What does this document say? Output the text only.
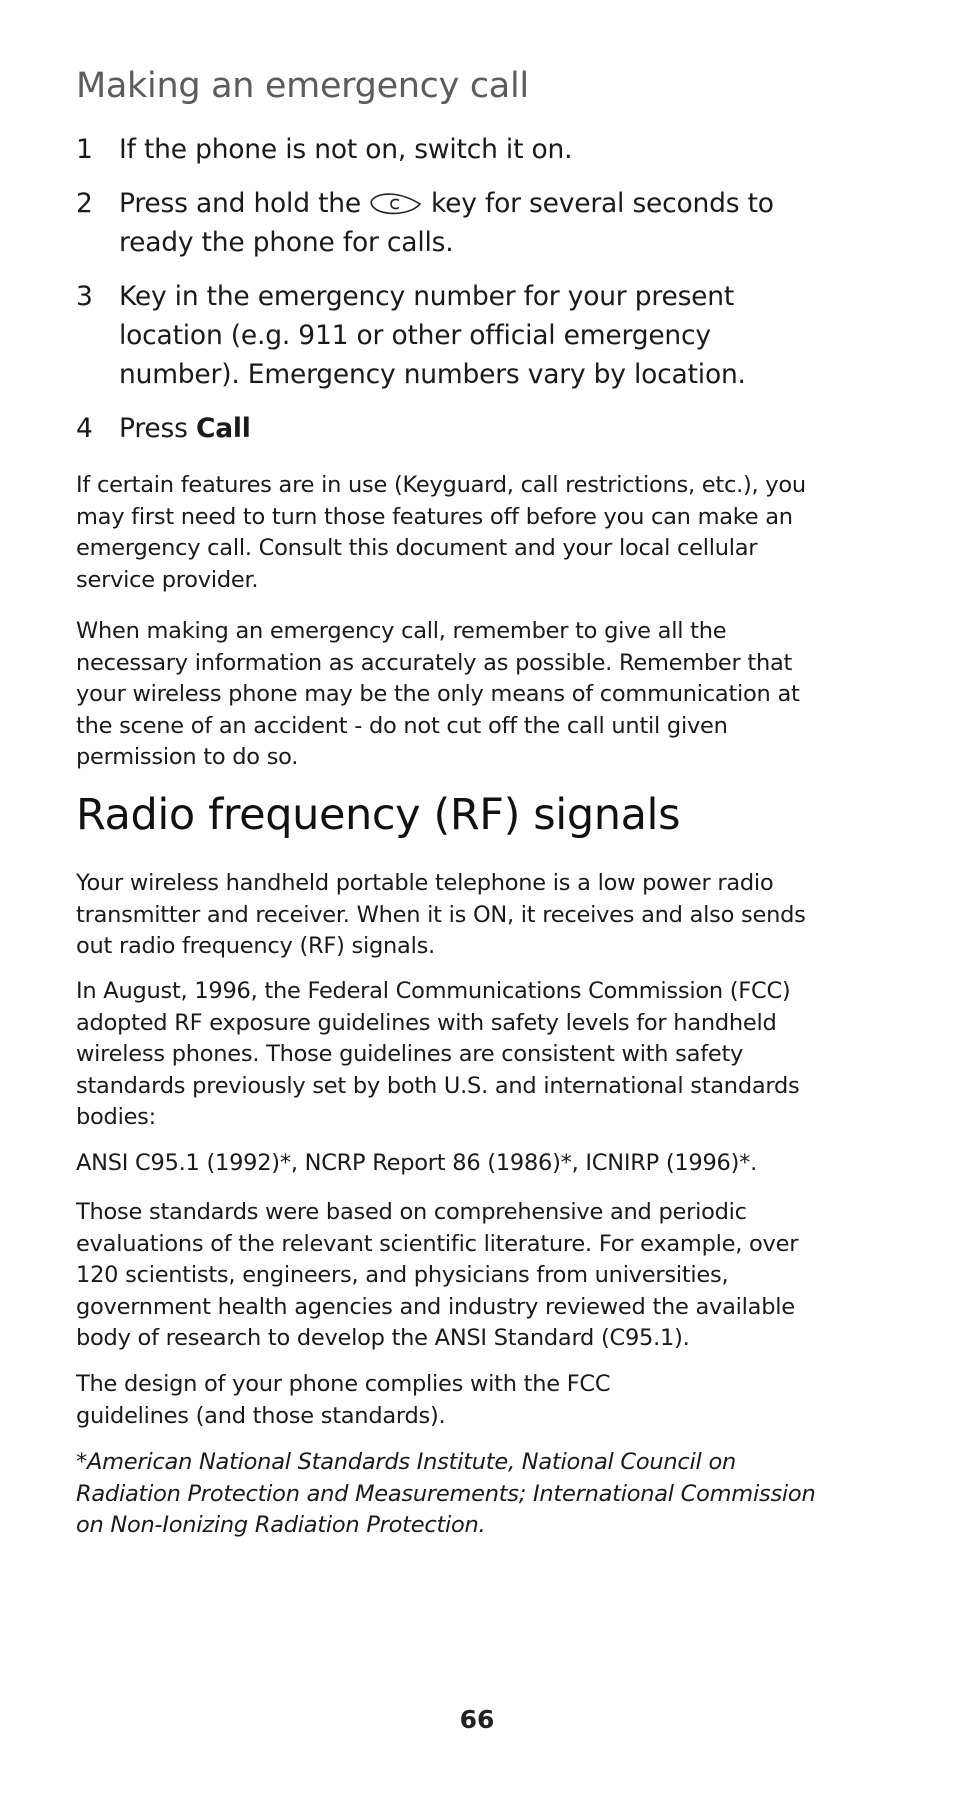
Making an emergency call
1 If the phone is not on, switch it on.
2 Press and hold the	key for several seconds to ready the phone for calls.
3 Key in the emergency number for your present location (e.g. 911 or other official emergency number). Emergency numbers vary by location.
4 Press Call

If certain features are in use (Keyguard, call restrictions, etc.), you may first need to turn those features off before you can make an emergency call. Consult this document and your local cellular service provider.

When making an emergency call, remember to give all the necessary information as accurately as possible. Remember that your wireless phone may be the only means of communication at the scene of an accident - do not cut off the call until given permission to do so.

Radio frequency (RF) signals

Your wireless handheld portable telephone is a low power radio transmitter and receiver. When it is ON, it receives and also sends out radio frequency (RF) signals.

In August, 1996, the Federal Communications Commission (FCC) adopted RF exposure guidelines with safety levels for handheld wireless phones. Those guidelines are consistent with safety standards previously set by both U.S. and international standards bodies:

ANSI C95.1 (1992)*, NCRP Report 86 (1986)*, ICNIRP (1996)*.

Those standards were based on comprehensive and periodic evaluations of the relevant scientific literature. For example, over 120 scientists, engineers, and physicians from universities, government health agencies and industry reviewed the available body of research to develop the ANSI Standard (C95.1).

The design of your phone complies with the FCC guidelines (and those standards).

*American National Standards Institute, National Council on Radiation Protection and Measurements; International Commission on Non-Ionizing Radiation Protection.

66
